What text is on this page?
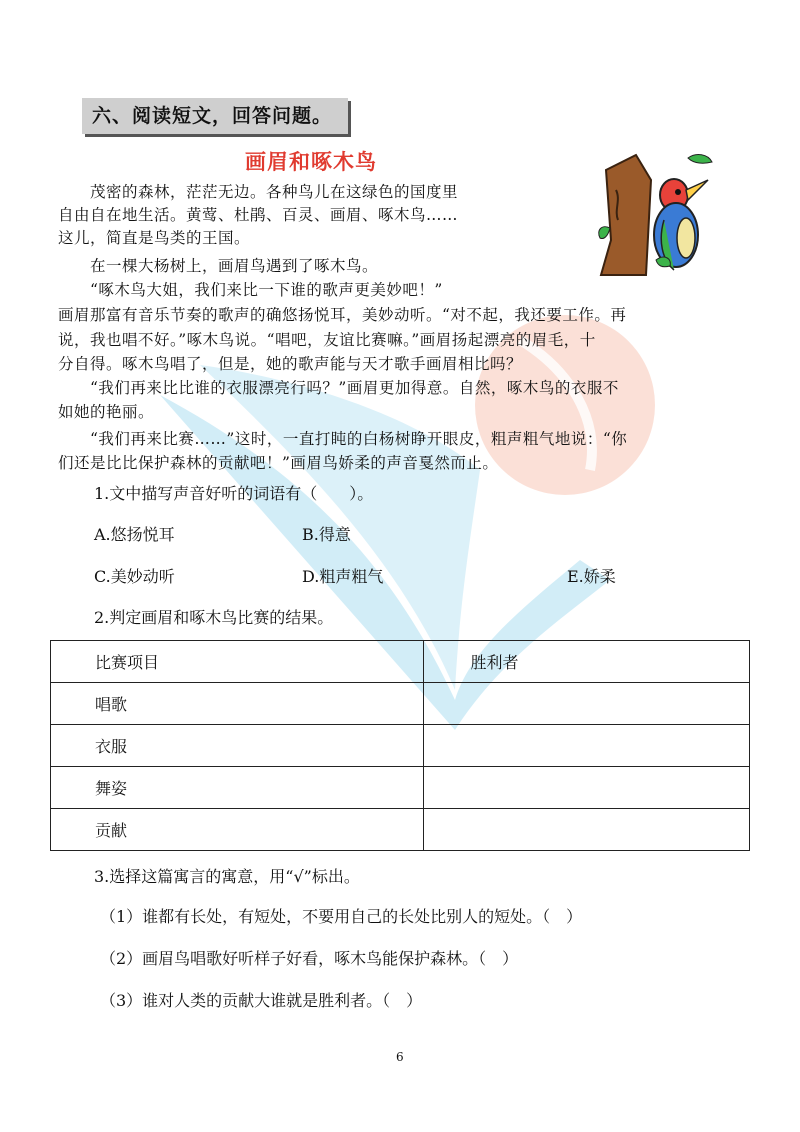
六、阅读短文，回答问题。
画眉和啄木鸟
　　茂密的森林，茫茫无边。各种鸟儿在这绿色的国度里
自由自在地生活。黄莺、杜鹃、百灵、画眉、啄木鸟……
这儿，简直是鸟类的王国。
　　在一棵大杨树上，画眉鸟遇到了啄木鸟。
　　“啄木鸟大姐，我们来比一下谁的歌声更美妙吧！”
画眉那富有音乐节奏的歌声的确悠扬悦耳，美妙动听。“对不起，我还要工作。再
说，我也唱不好。”啄木鸟说。“唱吧，友谊比赛嘛。”画眉扬起漂亮的眉毛，十
分自得。啄木鸟唱了，但是，她的歌声能与天才歌手画眉相比吗？
　　“我们再来比比谁的衣服漂亮行吗？”画眉更加得意。自然，啄木鸟的衣服不
如她的艳丽。
　　“我们再来比赛……”这时，一直打盹的白杨树睁开眼皮，粗声粗气地说：“你
们还是比比保护森林的贡献吧！”画眉鸟娇柔的声音戛然而止。
1.文中描写声音好听的词语有（　　）。
A.悠扬悦耳	B.得意
C.美妙动听	D.粗声粗气	E.娇柔
2.判定画眉和啄木鸟比赛的结果。
比赛项目	胜利者
唱歌	
衣服	
舞姿	
贡献	
3.选择这篇寓言的寓意，用“√”标出。
（1）谁都有长处，有短处，不要用自己的长处比别人的短处。（　）
（2）画眉鸟唱歌好听样子好看，啄木鸟能保护森林。（　）
（3）谁对人类的贡献大谁就是胜利者。（　）
6
